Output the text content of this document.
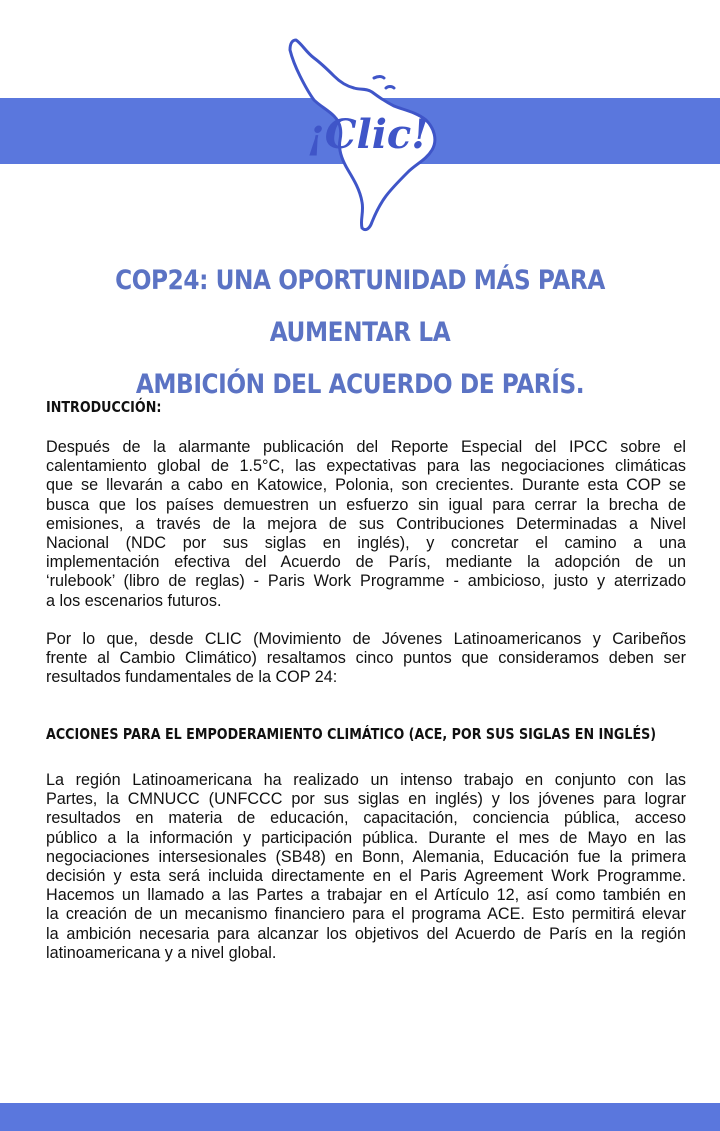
¡Clic!
COP24: UNA OPORTUNIDAD MÁS PARA AUMENTAR LA
AMBICIÓN DEL ACUERDO DE PARÍS.
INTRODUCCIÓN:
Después de la alarmante publicación del Reporte Especial del IPCC sobre el
calentamiento global de 1.5°C, las expectativas para las negociaciones climáticas
que se llevarán a cabo en Katowice, Polonia, son crecientes. Durante esta COP se
busca que los países demuestren un esfuerzo sin igual para cerrar la brecha de
emisiones, a través de la mejora de sus Contribuciones Determinadas a Nivel
Nacional (NDC por sus siglas en inglés), y concretar el camino a una
implementación efectiva del Acuerdo de París, mediante la adopción de un
‘rulebook’ (libro de reglas) - Paris Work Programme - ambicioso, justo y aterrizado
a los escenarios futuros.
Por lo que, desde CLIC (Movimiento de Jóvenes Latinoamericanos y Caribeños
frente al Cambio Climático) resaltamos cinco puntos que consideramos deben ser
resultados fundamentales de la COP 24:
ACCIONES PARA EL EMPODERAMIENTO CLIMÁTICO (ACE, POR SUS SIGLAS EN INGLÉS)
La región Latinoamericana ha realizado un intenso trabajo en conjunto con las
Partes, la CMNUCC (UNFCCC por sus siglas en inglés) y los jóvenes para lograr
resultados en materia de educación, capacitación, conciencia pública, acceso
público a la información y participación pública. Durante el mes de Mayo en las
negociaciones intersesionales (SB48) en Bonn, Alemania, Educación fue la primera
decisión y esta será incluida directamente en el Paris Agreement Work Programme.
Hacemos un llamado a las Partes a trabajar en el Artículo 12, así como también en
la creación de un mecanismo financiero para el programa ACE. Esto permitirá elevar
la ambición necesaria para alcanzar los objetivos del Acuerdo de París en la región
latinoamericana y a nivel global.
